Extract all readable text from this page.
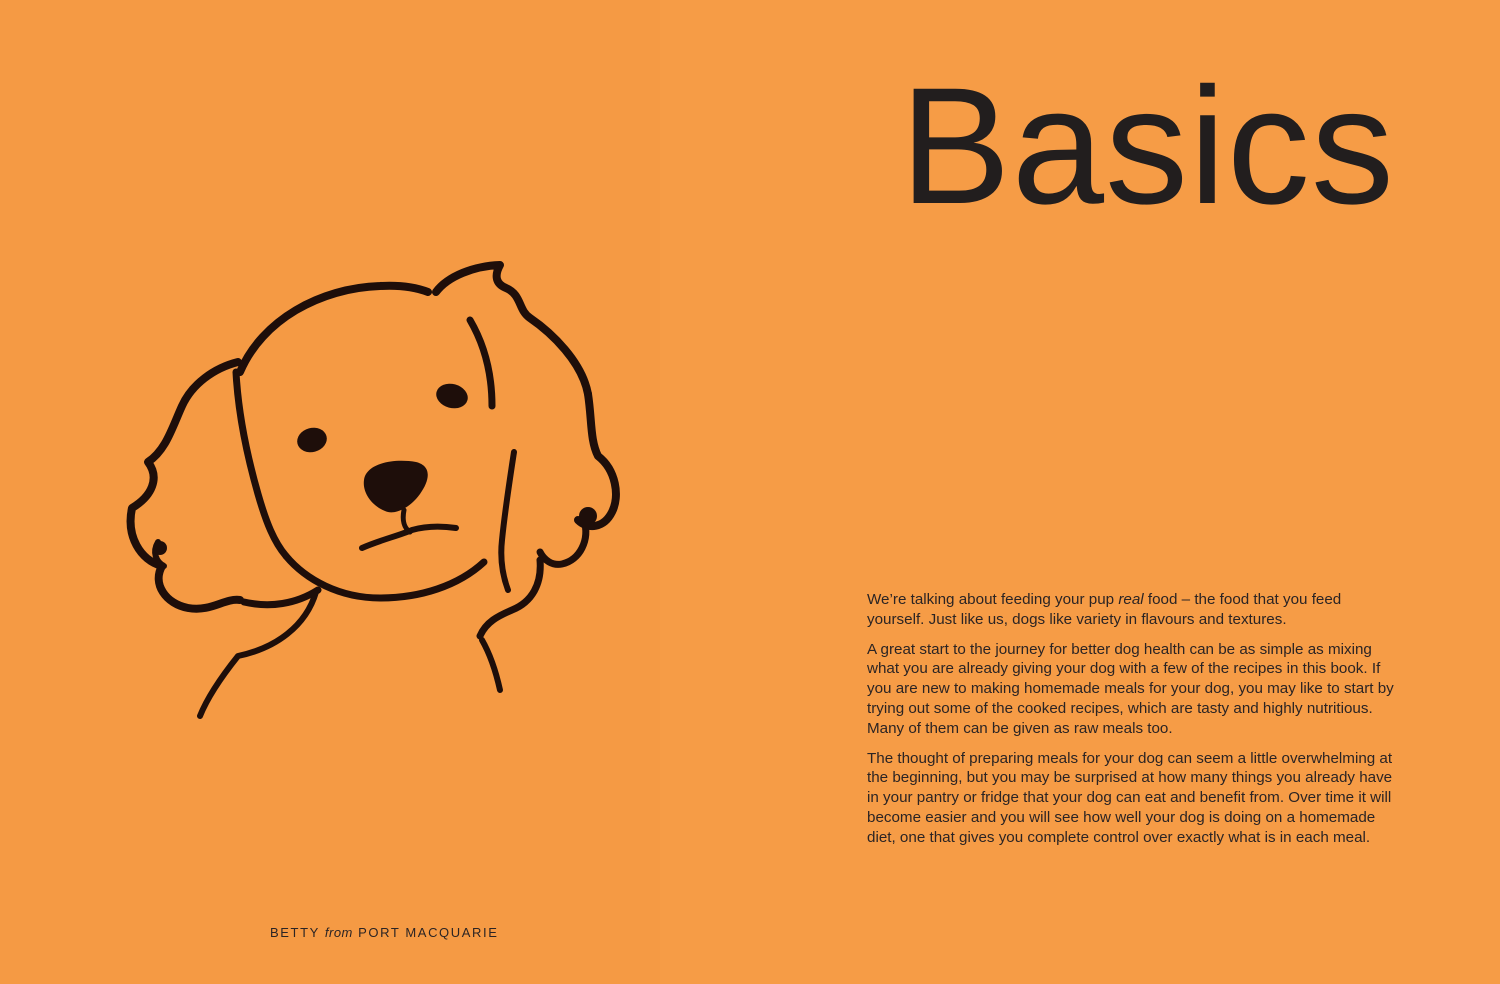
BETTY from PORT MACQUARIE
Basics

We’re talking about feeding your pup real food – the food that you feed yourself. Just like us, dogs like variety in flavours and textures.

A great start to the journey for better dog health can be as simple as mixing what you are already giving your dog with a few of the recipes in this book. If you are new to making homemade meals for your dog, you may like to start by trying out some of the cooked recipes, which are tasty and highly nutritious. Many of them can be given as raw meals too.

The thought of preparing meals for your dog can seem a little overwhelming at the beginning, but you may be surprised at how many things you already have in your pantry or fridge that your dog can eat and benefit from. Over time it will become easier and you will see how well your dog is doing on a homemade diet, one that gives you complete control over exactly what is in each meal.
